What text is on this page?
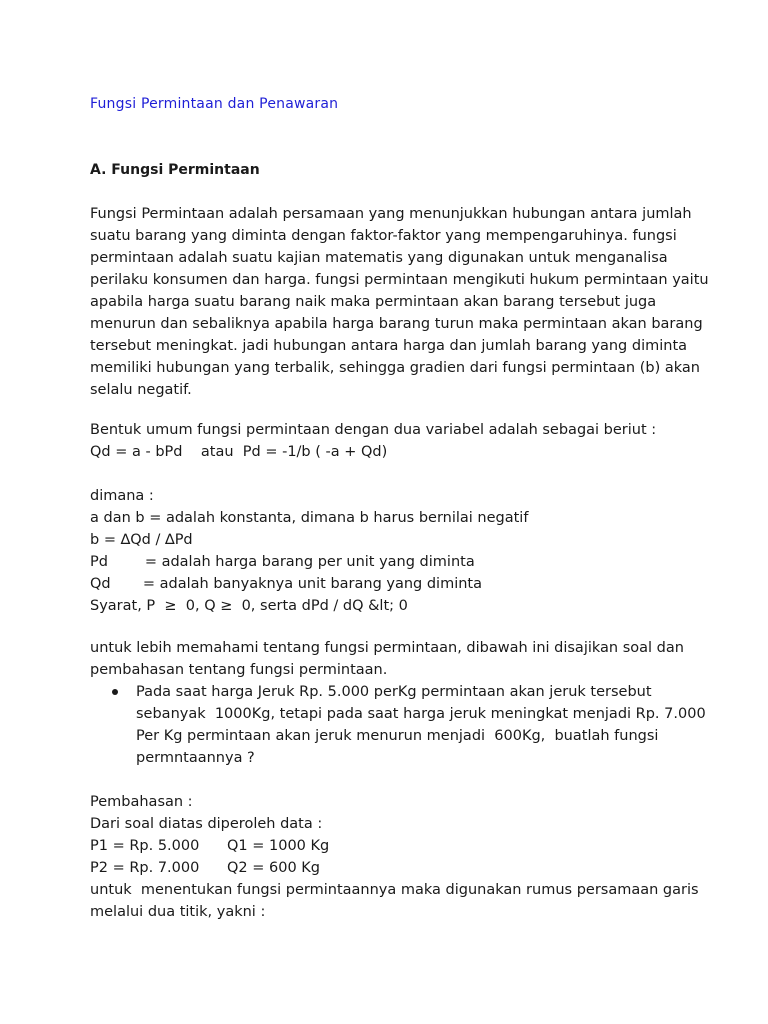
Fungsi Permintaan dan Penawaran
A. Fungsi Permintaan
Fungsi Permintaan adalah persamaan yang menunjukkan hubungan antara jumlah
suatu barang yang diminta dengan faktor-faktor yang mempengaruhinya. fungsi
permintaan adalah suatu kajian matematis yang digunakan untuk menganalisa
perilaku konsumen dan harga. fungsi permintaan mengikuti hukum permintaan yaitu
apabila harga suatu barang naik maka permintaan akan barang tersebut juga
menurun dan sebaliknya apabila harga barang turun maka permintaan akan barang
tersebut meningkat. jadi hubungan antara harga dan jumlah barang yang diminta
memiliki hubungan yang terbalik, sehingga gradien dari fungsi permintaan (b) akan
selalu negatif.
Bentuk umum fungsi permintaan dengan dua variabel adalah sebagai beriut :
Qd = a - bPd    atau  Pd = -1/b ( -a + Qd)
dimana :
a dan b = adalah konstanta, dimana b harus bernilai negatif
b = ∆Qd / ∆Pd
Pd        = adalah harga barang per unit yang diminta
Qd       = adalah banyaknya unit barang yang diminta
Syarat, P  ≥  0, Q ≥  0, serta dPd / dQ &lt; 0
untuk lebih memahami tentang fungsi permintaan, dibawah ini disajikan soal dan
pembahasan tentang fungsi permintaan.
Pada saat harga Jeruk Rp. 5.000 perKg permintaan akan jeruk tersebut
sebanyak  1000Kg, tetapi pada saat harga jeruk meningkat menjadi Rp. 7.000
Per Kg permintaan akan jeruk menurun menjadi  600Kg,  buatlah fungsi
permntaannya ?
Pembahasan :
Dari soal diatas diperoleh data :
P1 = Rp. 5.000      Q1 = 1000 Kg
P2 = Rp. 7.000      Q2 = 600 Kg
untuk  menentukan fungsi permintaannya maka digunakan rumus persamaan garis
melalui dua titik, yakni :
